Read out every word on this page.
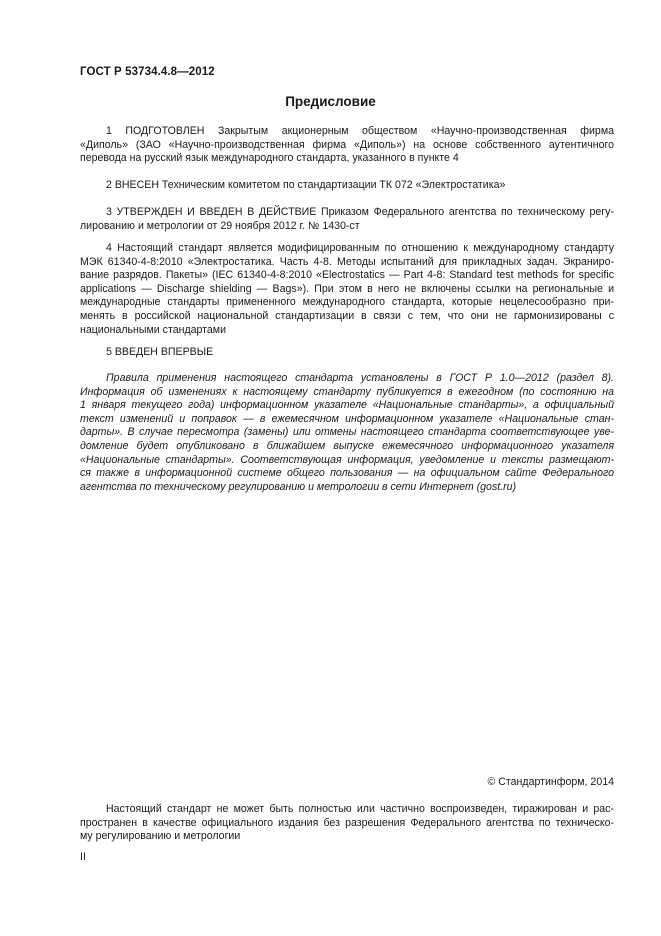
ГОСТ Р 53734.4.8—2012
Предисловие
1 ПОДГОТОВЛЕН Закрытым акционерным обществом «Научно-производственная фирма
«Диполь» (ЗАО «Научно-производственная фирма «Диполь») на основе собственного аутентичного
перевода на русский язык международного стандарта, указанного в пункте 4
2 ВНЕСЕН Техническим комитетом по стандартизации ТК 072 «Электростатика»
3 УТВЕРЖДЕН И ВВЕДЕН В ДЕЙСТВИЕ Приказом Федерального агентства по техническому регу-
лированию и метрологии от 29 ноября 2012 г. № 1430-ст
4 Настоящий стандарт является модифицированным по отношению к международному стандарту
МЭК 61340-4-8:2010 «Электростатика. Часть 4-8. Методы испытаний для прикладных задач. Экраниро-
вание разрядов. Пакеты» (IEC 61340-4-8:2010 «Electrostatics — Part 4-8: Standard test methods for specific
applications — Discharge shielding — Bags»). При этом в него не включены ссылки на региональные и
международные стандарты примененного международного стандарта, которые нецелесообразно при-
менять в российской национальной стандартизации в связи с тем, что они не гармонизированы с
национальными стандартами
5 ВВЕДЕН ВПЕРВЫЕ
Правила применения настоящего стандарта установлены в ГОСТ Р 1.0—2012 (раздел 8).
Информация об изменениях к настоящему стандарту публикуется в ежегодном (по состоянию на
1 января текущего года) информационном указателе «Национальные стандарты», а официальный
текст изменений и поправок — в ежемесячном информационном указателе «Национальные стан-
дарты». В случае пересмотра (замены) или отмены настоящего стандарта соответствующее уве-
домление будет опубликовано в ближайшем выпуске ежемесячного информационного указателя
«Национальные стандарты». Соответствующая информация, уведомление и тексты размещают-
ся также в информационной системе общего пользования — на официальном сайте Федерального
агентства по техническому регулированию и метрологии в сети Интернет (gost.ru)
© Стандартинформ, 2014
Настоящий стандарт не может быть полностью или частично воспроизведен, тиражирован и рас-
пространен в качестве официального издания без разрешения Федерального агентства по техническо-
му регулированию и метрологии
II
